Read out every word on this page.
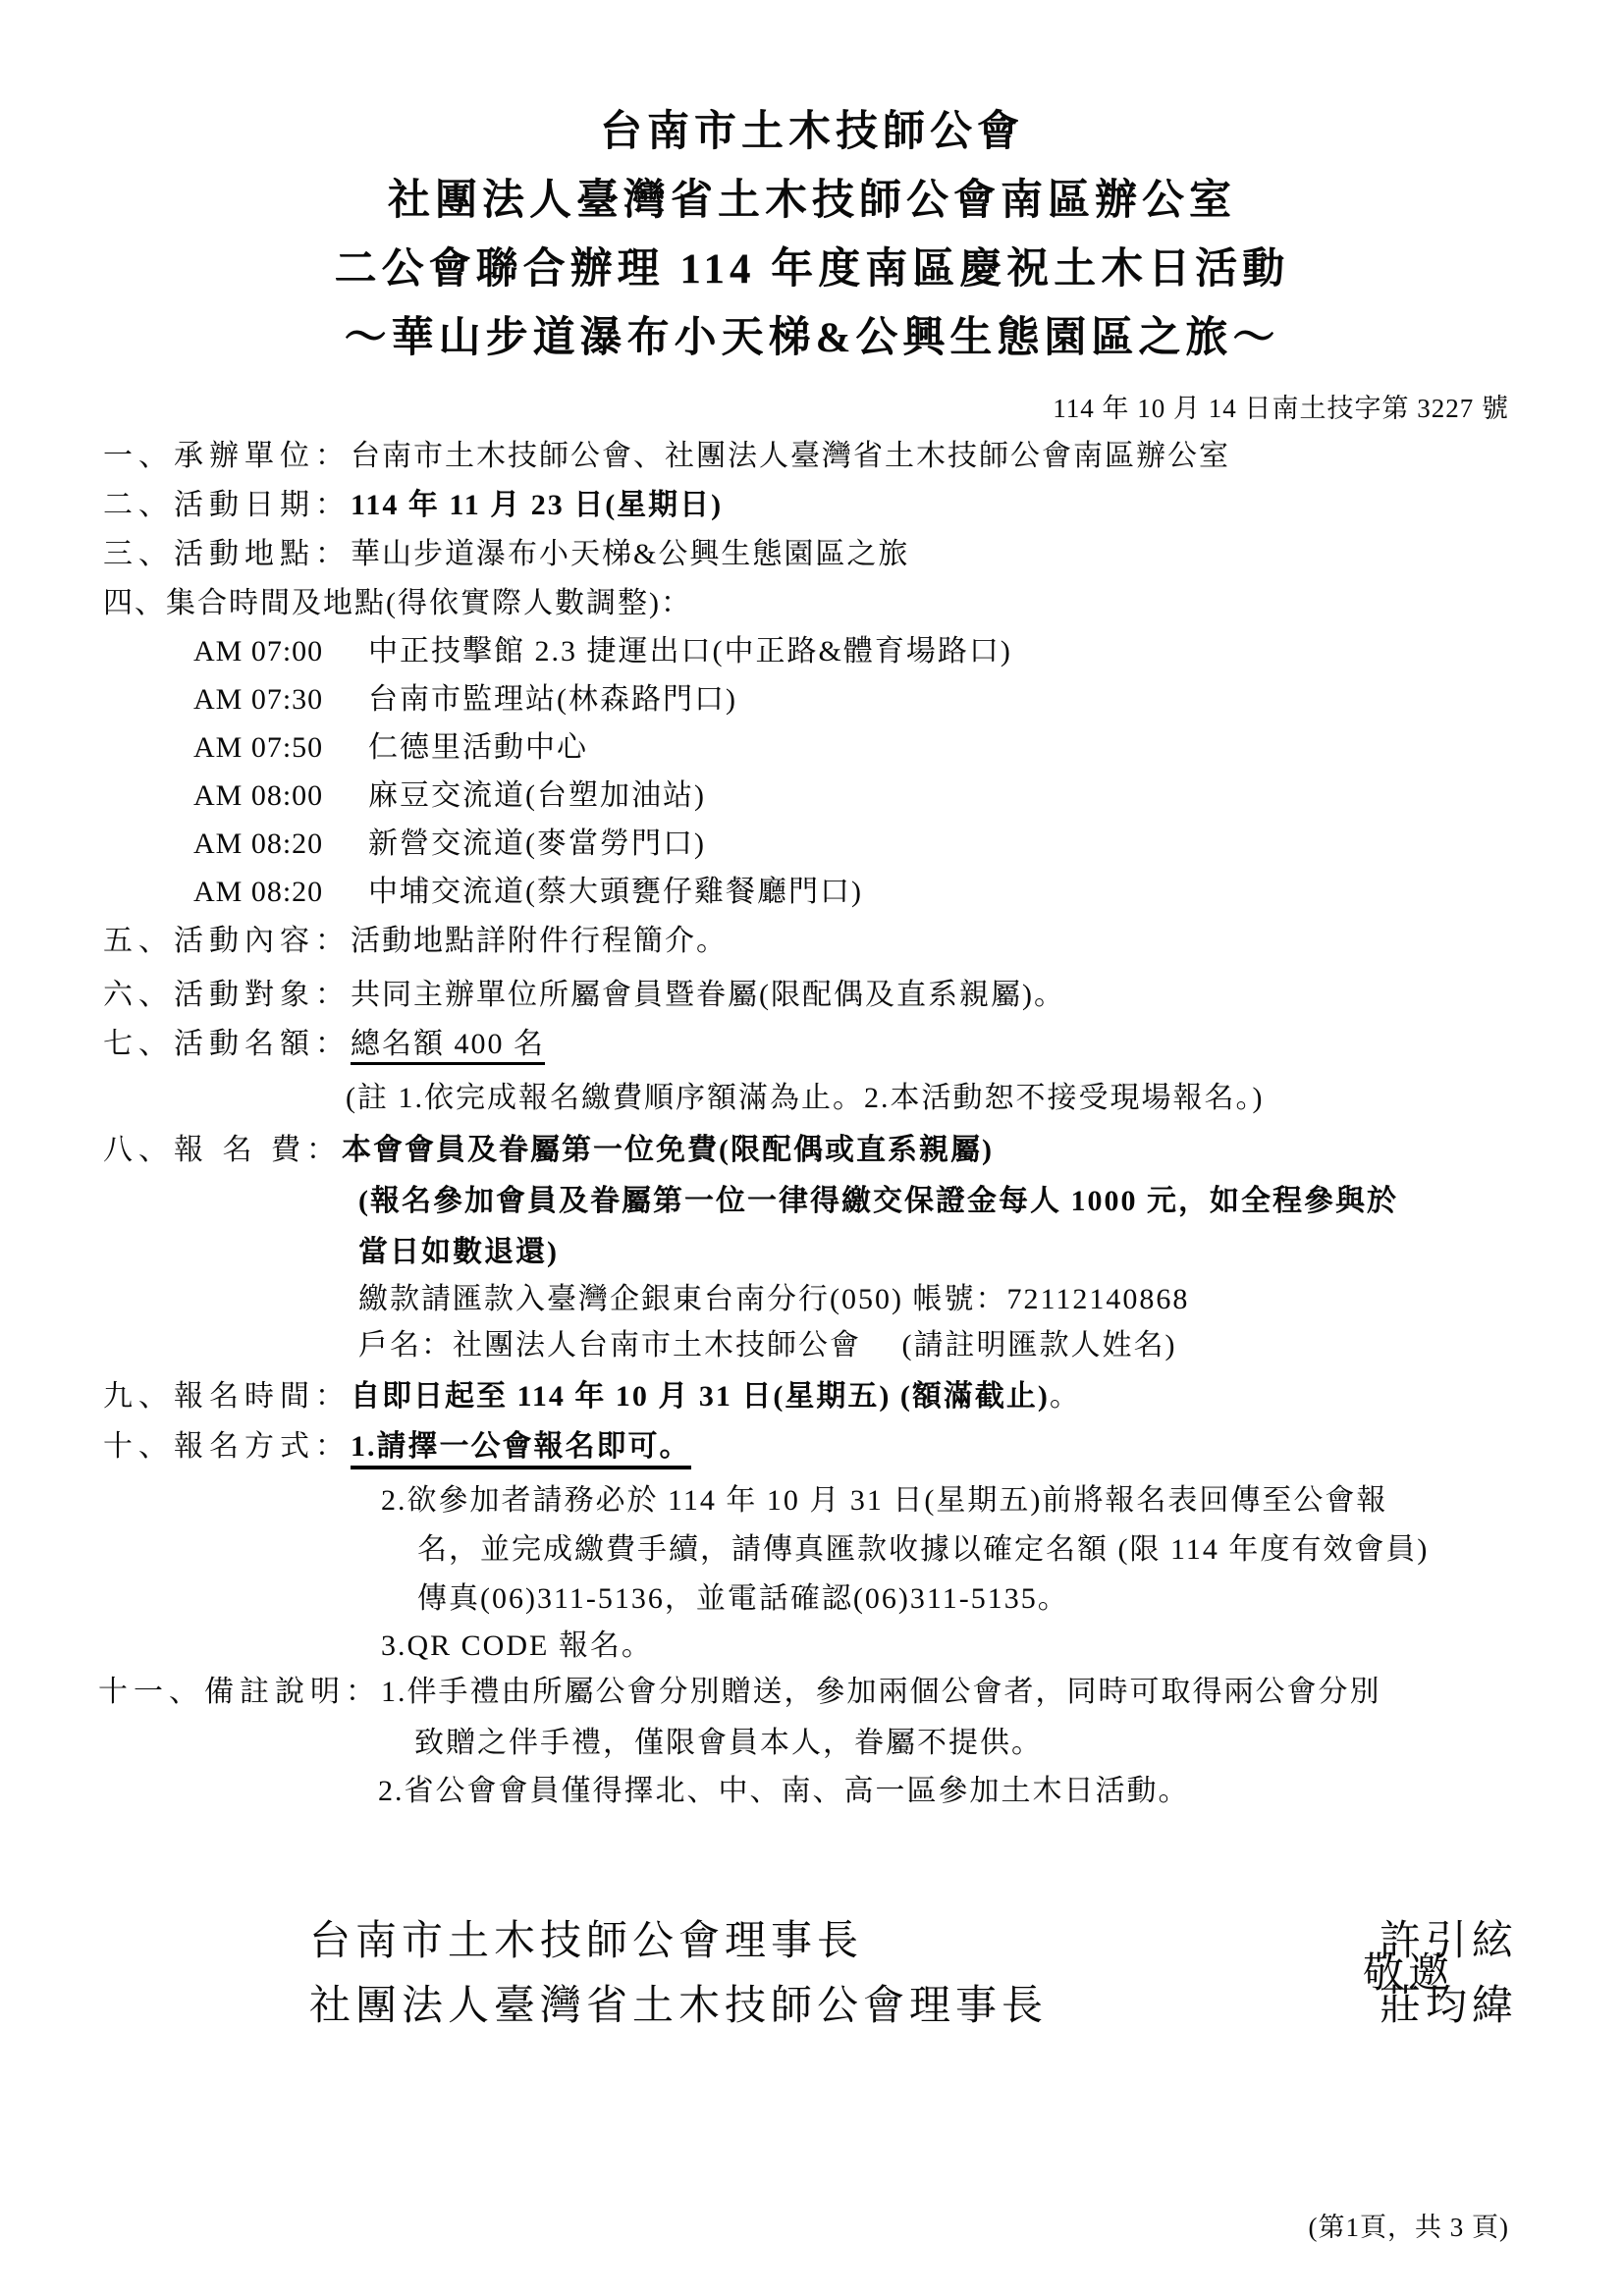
台南市土木技師公會
社團法人臺灣省土木技師公會南區辦公室
二公會聯合辦理 114 年度南區慶祝土木日活動
～華山步道瀑布小天梯&公興生態園區之旅～
114 年 10 月 14 日南土技字第 3227 號
一、承辦單位：台南市土木技師公會、社團法人臺灣省土木技師公會南區辦公室
二、活動日期：114 年 11 月 23 日(星期日)
三、活動地點：華山步道瀑布小天梯&公興生態園區之旅
四、集合時間及地點(得依實際人數調整)：
AM 07:00 中正技擊館 2.3 捷運出口(中正路&體育場路口)
AM 07:30 台南市監理站(林森路門口)
AM 07:50 仁德里活動中心
AM 08:00 麻豆交流道(台塑加油站)
AM 08:20 新營交流道(麥當勞門口)
AM 08:20 中埔交流道(蔡大頭甕仔雞餐廳門口)
五、活動內容：活動地點詳附件行程簡介。
六、活動對象：共同主辦單位所屬會員暨眷屬(限配偶及直系親屬)。
七、活動名額：總名額 400 名
(註 1.依完成報名繳費順序額滿為止。2.本活動恕不接受現場報名。)
八、報 名 費：本會會員及眷屬第一位免費(限配偶或直系親屬)
(報名參加會員及眷屬第一位一律得繳交保證金每人 1000 元，如全程參與於
當日如數退還)
繳款請匯款入臺灣企銀東台南分行(050) 帳號：72112140868
戶名：社團法人台南市土木技師公會　 (請註明匯款人姓名)
九、報名時間：自即日起至 114 年 10 月 31 日(星期五) (額滿截止)。
十、報名方式：1.請擇一公會報名即可。
2.欲參加者請務必於 114 年 10 月 31 日(星期五)前將報名表回傳至公會報
名，並完成繳費手續，請傳真匯款收據以確定名額 (限 114 年度有效會員)
傳真(06)311-5136，並電話確認(06)311-5135。
3.QR CODE 報名。
十一、備註說明：1.伴手禮由所屬公會分別贈送，參加兩個公會者，同時可取得兩公會分別
致贈之伴手禮，僅限會員本人，眷屬不提供。
2.省公會會員僅得擇北、中、南、高一區參加土木日活動。
台南市土木技師公會理事長	許引絃
社團法人臺灣省土木技師公會理事長	莊均緯
敬邀
(第1頁，共 3 頁)
